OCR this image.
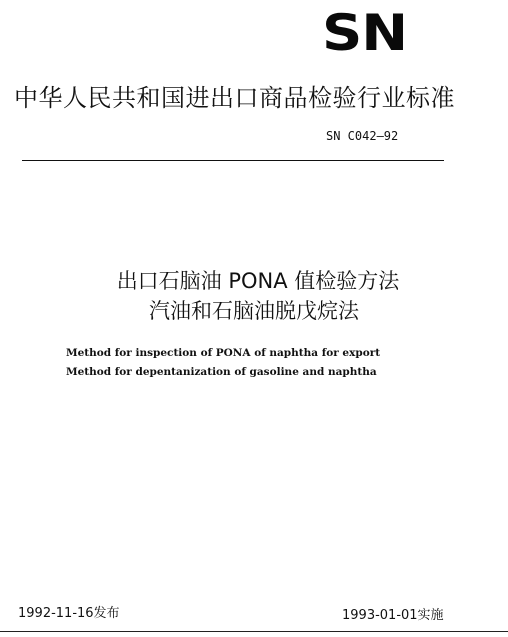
SN
中华人民共和国进出口商品检验行业标准
SN C042—92
出口石脑油 PONA 值检验方法
汽油和石脑油脱戊烷法
Method for inspection of PONA of naphtha for export
Method for depentanization of gasoline and naphtha
1992-11-16发布	1993-01-01实施
